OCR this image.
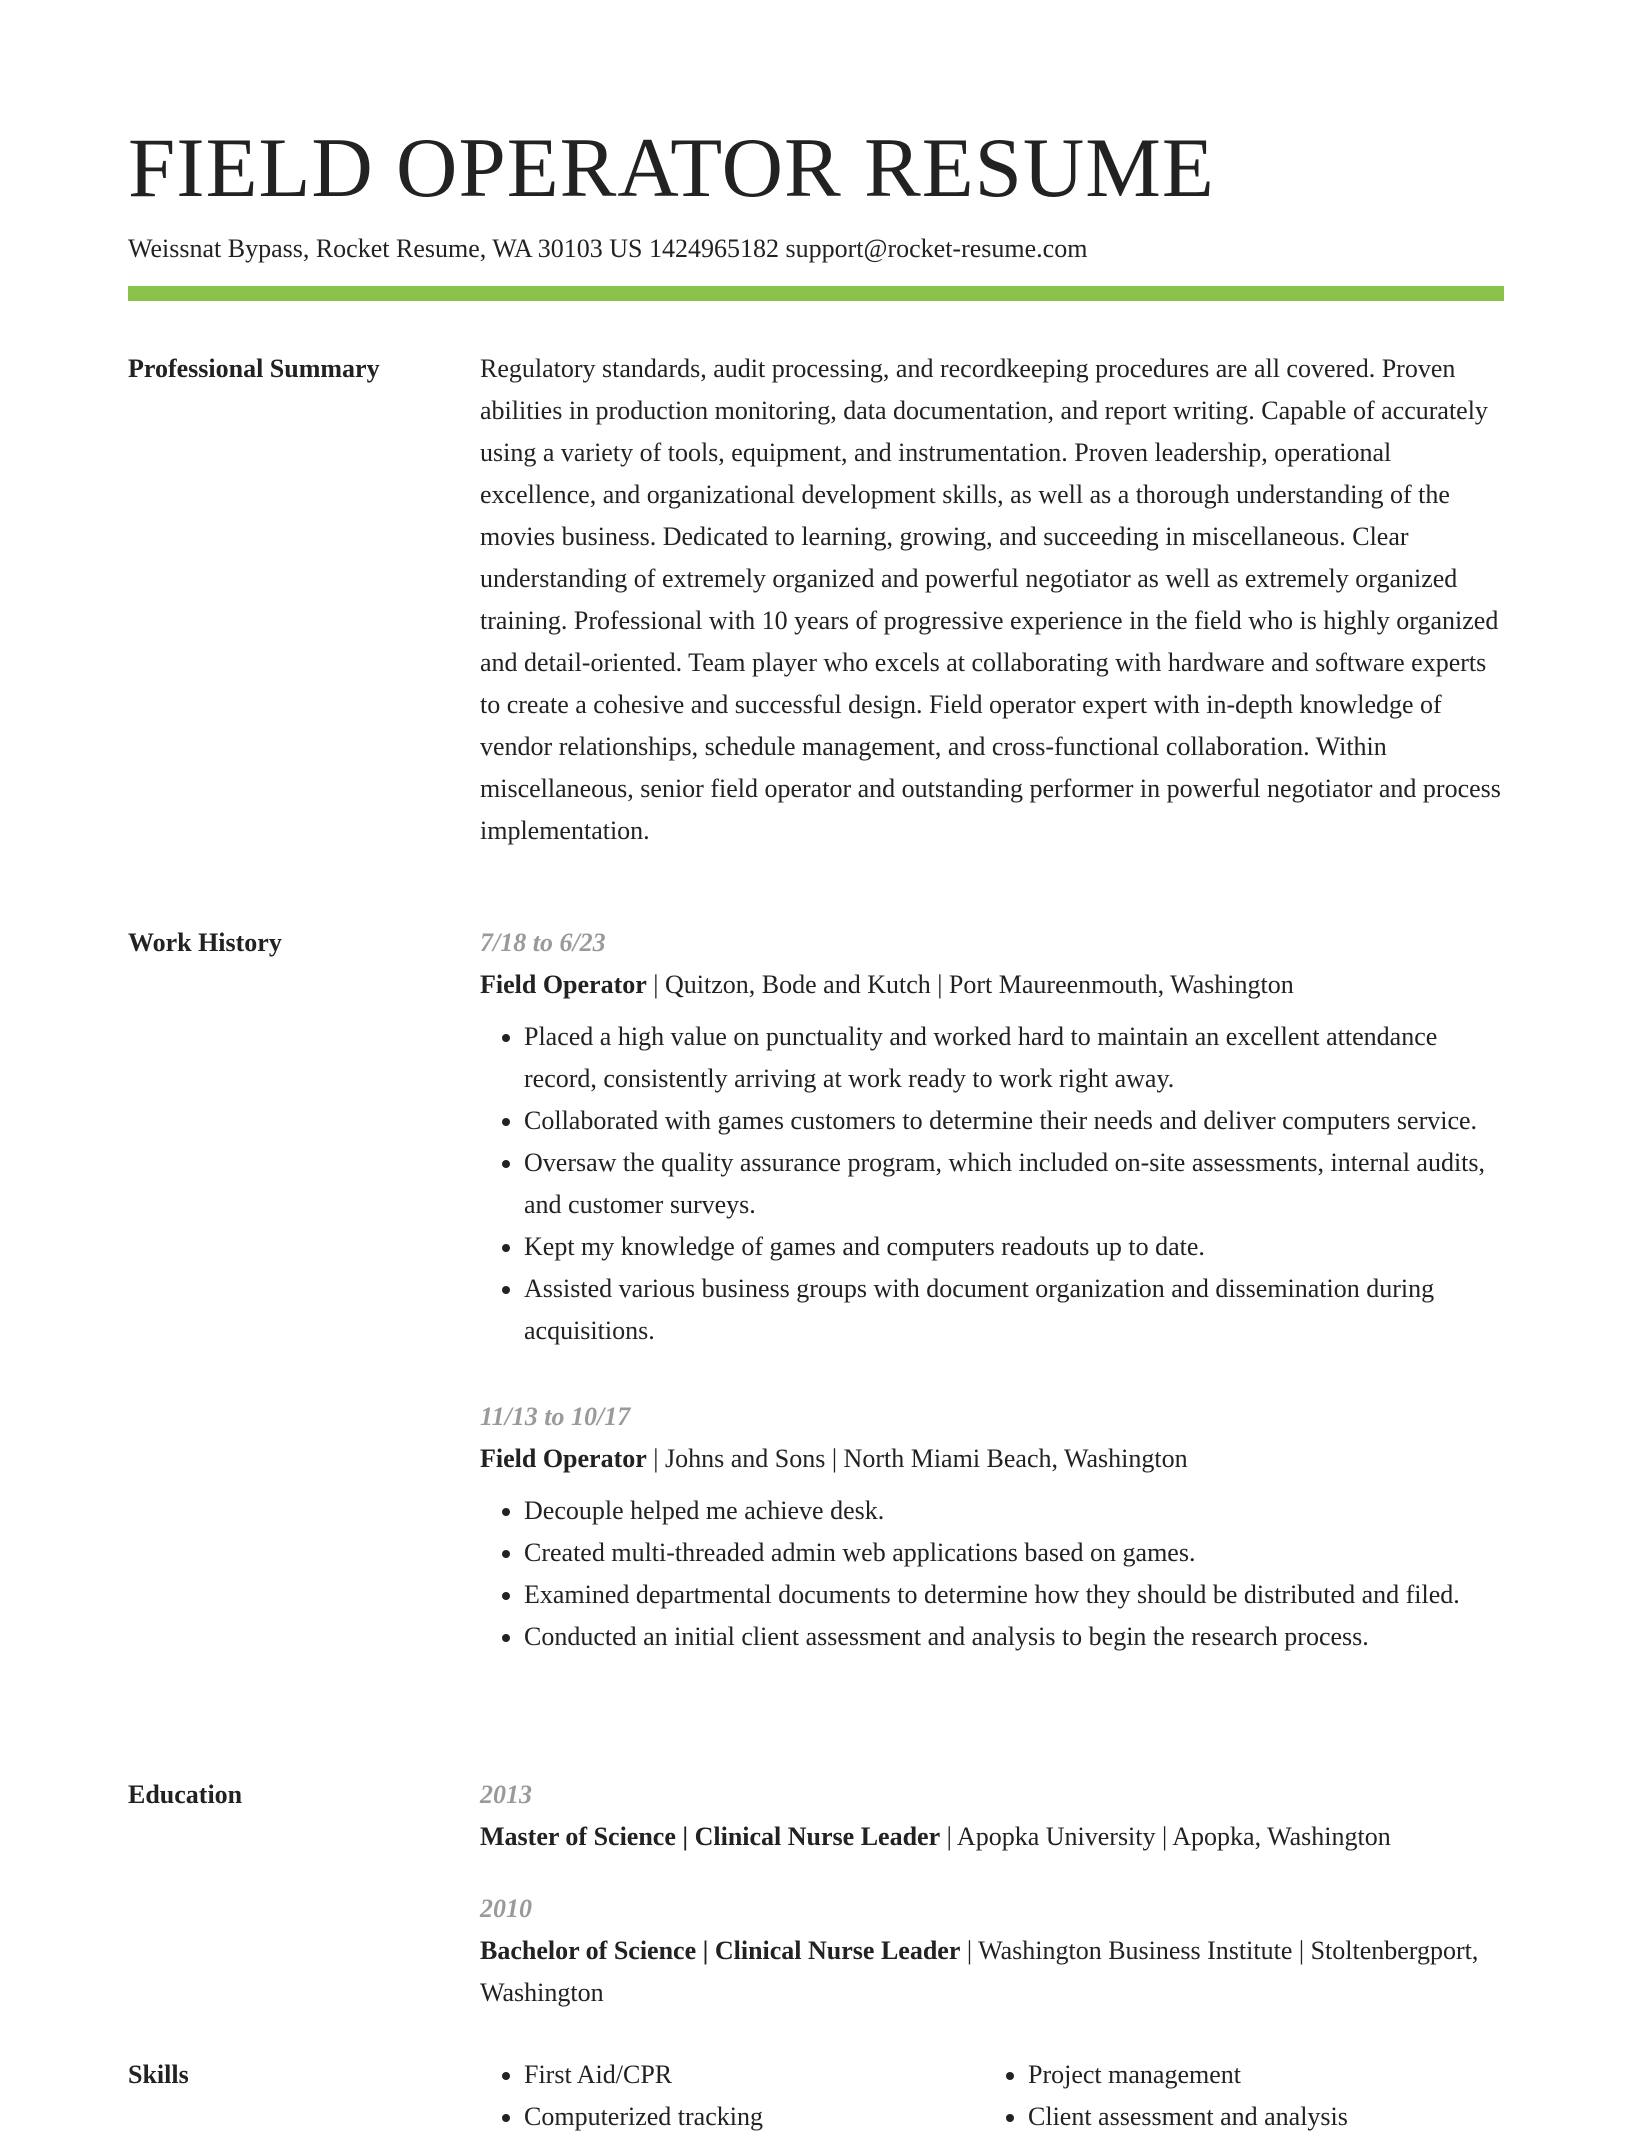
FIELD OPERATOR RESUME
Weissnat Bypass, Rocket Resume, WA 30103 US 1424965182 support@rocket-resume.com
Professional Summary	Regulatory standards, audit processing, and recordkeeping procedures are all covered. Proven abilities in production monitoring, data documentation, and report writing. Capable of accurately using a variety of tools, equipment, and instrumentation. Proven leadership, operational excellence, and organizational development skills, as well as a thorough understanding of the movies business. Dedicated to learning, growing, and succeeding in miscellaneous. Clear understanding of extremely organized and powerful negotiator as well as extremely organized training. Professional with 10 years of progressive experience in the field who is highly organized and detail-oriented. Team player who excels at collaborating with hardware and software experts to create a cohesive and successful design. Field operator expert with in-depth knowledge of vendor relationships, schedule management, and cross-functional collaboration. Within miscellaneous, senior field operator and outstanding performer in powerful negotiator and process implementation.

Work History	7/18 to 6/23
Field Operator | Quitzon, Bode and Kutch | Port Maureenmouth, Washington
• Placed a high value on punctuality and worked hard to maintain an excellent attendance record, consistently arriving at work ready to work right away.
• Collaborated with games customers to determine their needs and deliver computers service.
• Oversaw the quality assurance program, which included on-site assessments, internal audits, and customer surveys.
• Kept my knowledge of games and computers readouts up to date.
• Assisted various business groups with document organization and dissemination during acquisitions.
11/13 to 10/17
Field Operator | Johns and Sons | North Miami Beach, Washington
• Decouple helped me achieve desk.
• Created multi-threaded admin web applications based on games.
• Examined departmental documents to determine how they should be distributed and filed.
• Conducted an initial client assessment and analysis to begin the research process.
Education	2013
Master of Science | Clinical Nurse Leader | Apopka University | Apopka, Washington
2010
Bachelor of Science | Clinical Nurse Leader | Washington Business Institute | Stoltenbergport, Washington
Skills
•	First Aid/CPR
• Computerized tracking
• Project management
• Client assessment and analysis
